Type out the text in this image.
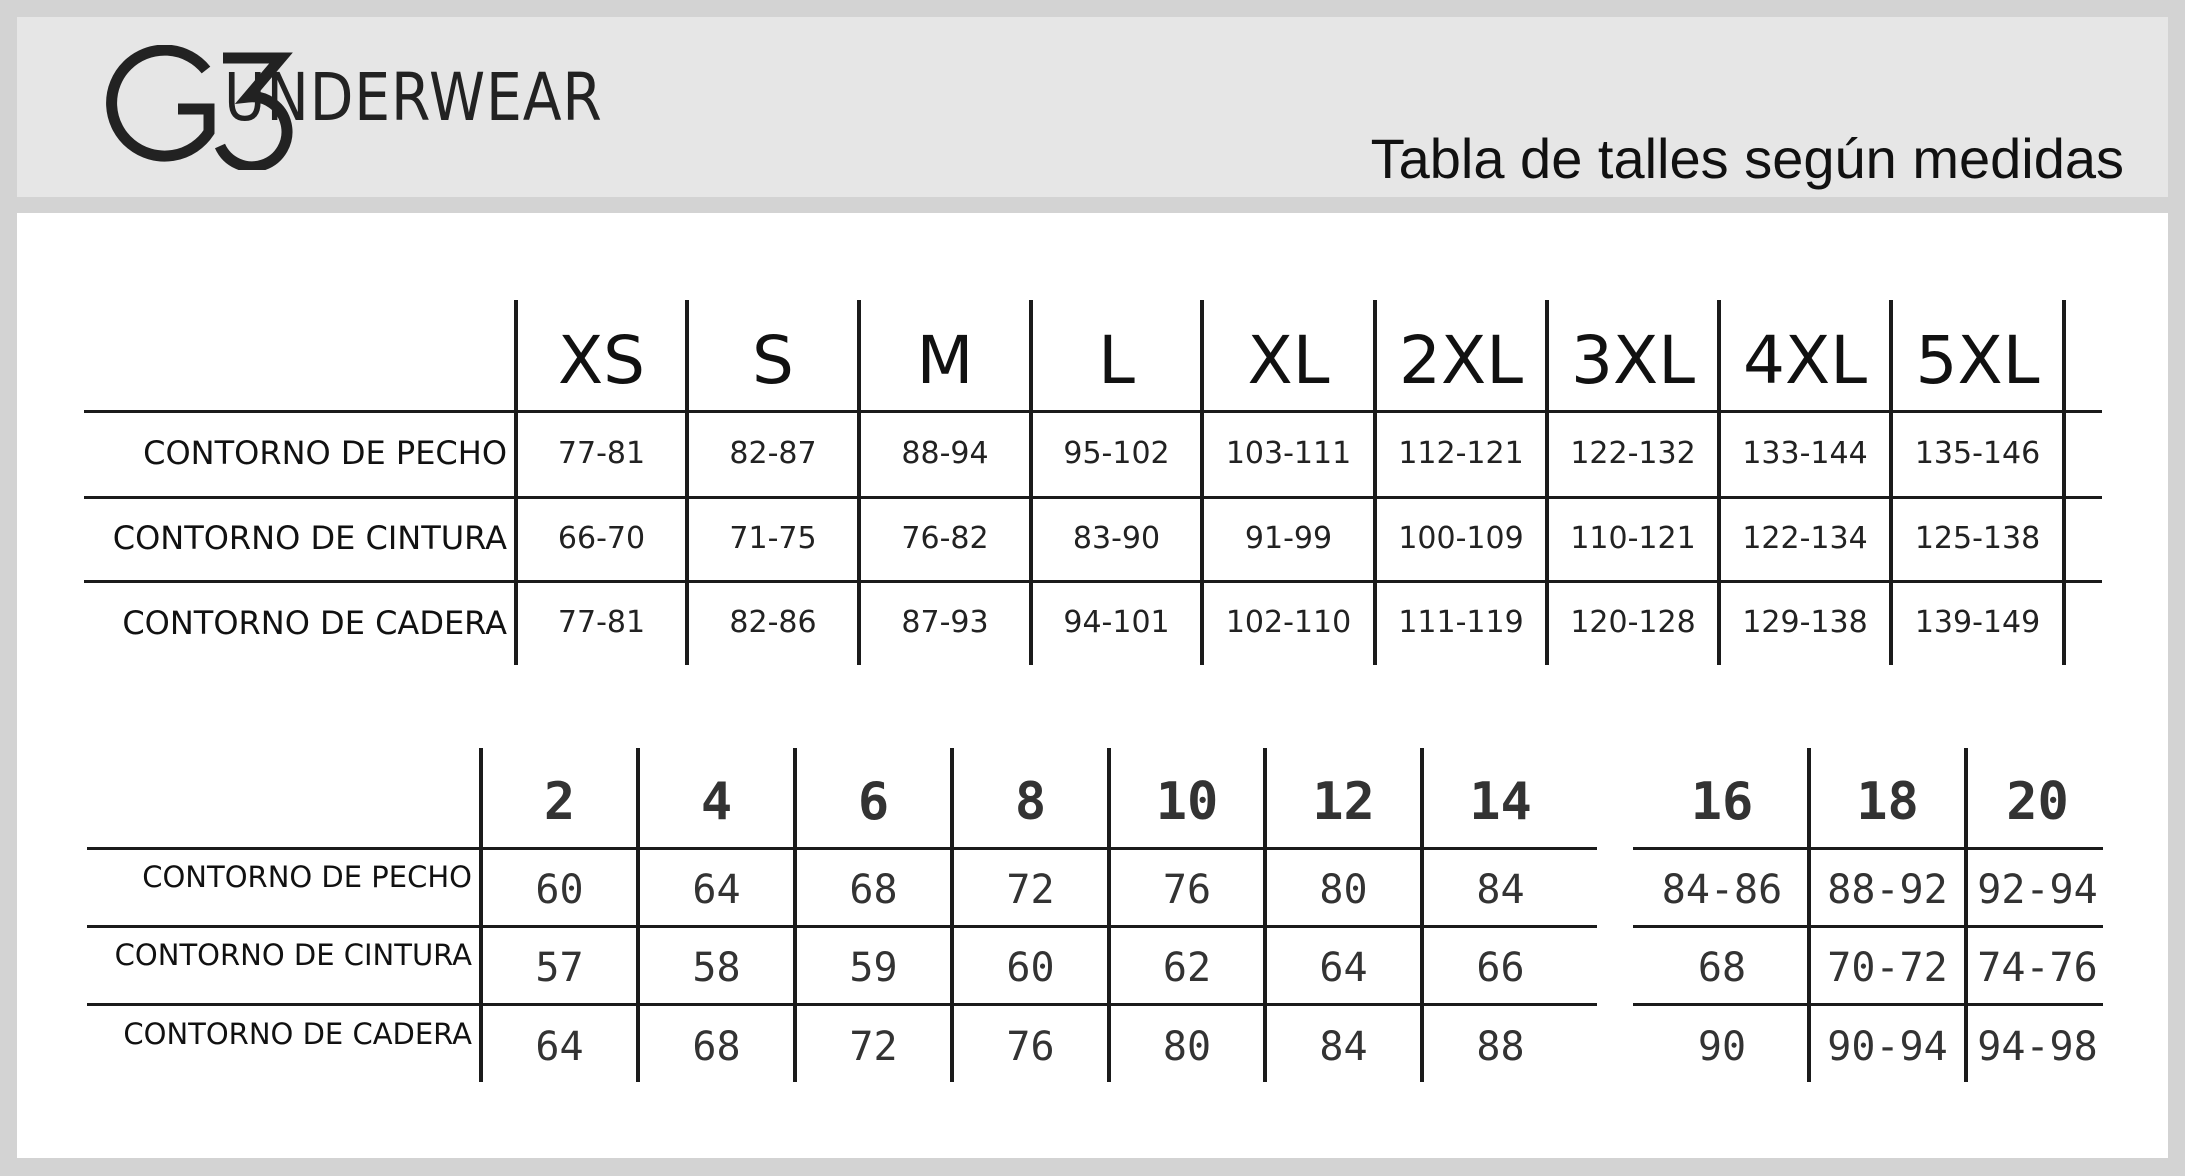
UNDERWEAR
Tabla de talles según medidas
XS	S	M	L	XL	2XL 3XL 4XL 5XL
CONTORNO DE PECHO	77-81	82-87	88-94	95-102	103-111	112-121	122-132	133-144	135-146
CONTORNO DE CINTURA	66-70	71-75	76-82	83-90	91-99	100-109	110-121	122-134	125-138
CONTORNO DE CADERA	77-81	82-86	87-93	94-101	102-110	111-119	120-128	129-138	139-149
2	4	6	8	10	12	14	16	18	20
CONTORNO DE PECHO	60	64	68	72	76	80	84	84-86	88-92 92-94
CONTORNO DE CINTURA	57	58	59	60	62	64	66	68	70-72 74-76
CONTORNO DE CADERA	64	68	72	76	80	84	88	90	90-94 94-98
